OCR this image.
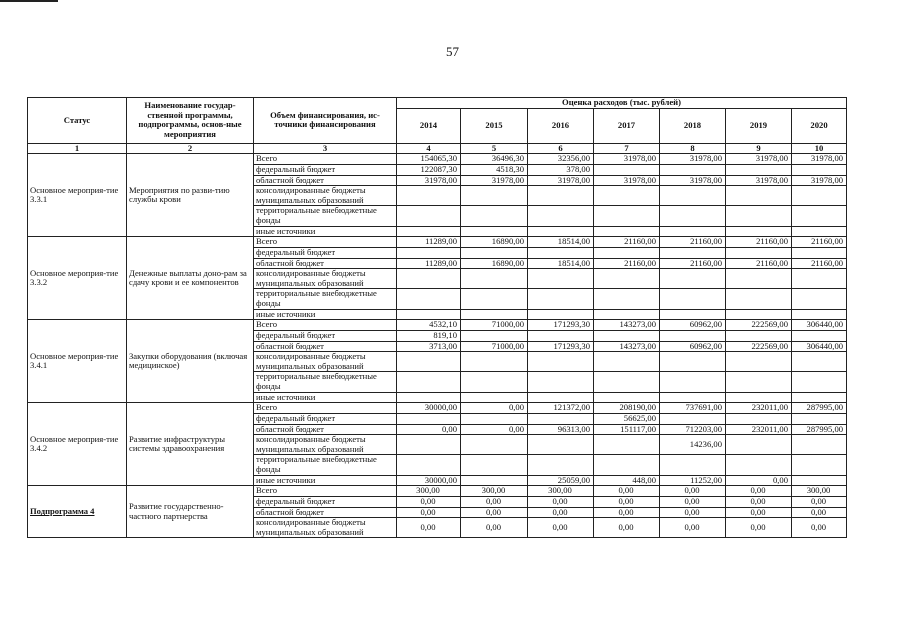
57
Статус	Наименование государ-ственной программы, подпрограммы, основ-ные мероприятия	Объем финансирования, ис-точники финансирования	Оценка расходов (тыс. рублей)						
			2014	2015	2016	2017	2018	2019	2020
1	2	3	4	5	6	7	8	9	10
Основное мероприя-тие 3.3.1	Мероприятия по разви-тию службы крови	Всего	154065,30	36496,30	32356,00	31978,00	31978,00	31978,00	31978,00
		федеральный бюджет	122087,30	4518,30	378,00				
		областной бюджет	31978,00	31978,00	31978,00	31978,00	31978,00	31978,00	31978,00
		консолидированные бюджеты муниципальных образований							
		территориальные внебюджетные фонды							
		иные источники							
Основное мероприя-тие 3.3.2	Денежные выплаты доно-рам за сдачу крови и ее компонентов	Всего	11289,00	16890,00	18514,00	21160,00	21160,00	21160,00	21160,00
		федеральный бюджет							
		областной бюджет	11289,00	16890,00	18514,00	21160,00	21160,00	21160,00	21160,00
		консолидированные бюджеты муниципальных образований							
		территориальные внебюджетные фонды							
		иные источники							
Основное мероприя-тие 3.4.1	Закупки оборудования (включая медицинское)	Всего	4532,10	71000,00	171293,30	143273,00	60962,00	222569,00	306440,00
		федеральный бюджет	819,10						
		областной бюджет	3713,00	71000,00	171293,30	143273,00	60962,00	222569,00	306440,00
		консолидированные бюджеты муниципальных образований							
		территориальные внебюджетные фонды							
		иные источники							
Основное мероприя-тие 3.4.2	Развитие инфраструктуры системы здравоохранения	Всего	30000,00	0,00	121372,00	208190,00	737691,00	232011,00	287995,00
		федеральный бюджет				56625,00			
		областной бюджет	0,00	0,00	96313,00	151117,00	712203,00	232011,00	287995,00
		консолидированные бюджеты муниципальных образований					14236,00		
		территориальные внебюджетные фонды							
		иные источники	30000,00		25059,00	448,00	11252,00	0,00	
Подпрограмма 4	Развитие государственно-частного партнерства	Всего	300,00	300,00	300,00	0,00	0,00	0,00	300,00
		федеральный бюджет	0,00	0,00	0,00	0,00	0,00	0,00	0,00
		областной бюджет	0,00	0,00	0,00	0,00	0,00	0,00	0,00
		консолидированные бюджеты муниципальных образований	0,00	0,00	0,00	0,00	0,00	0,00	0,00
